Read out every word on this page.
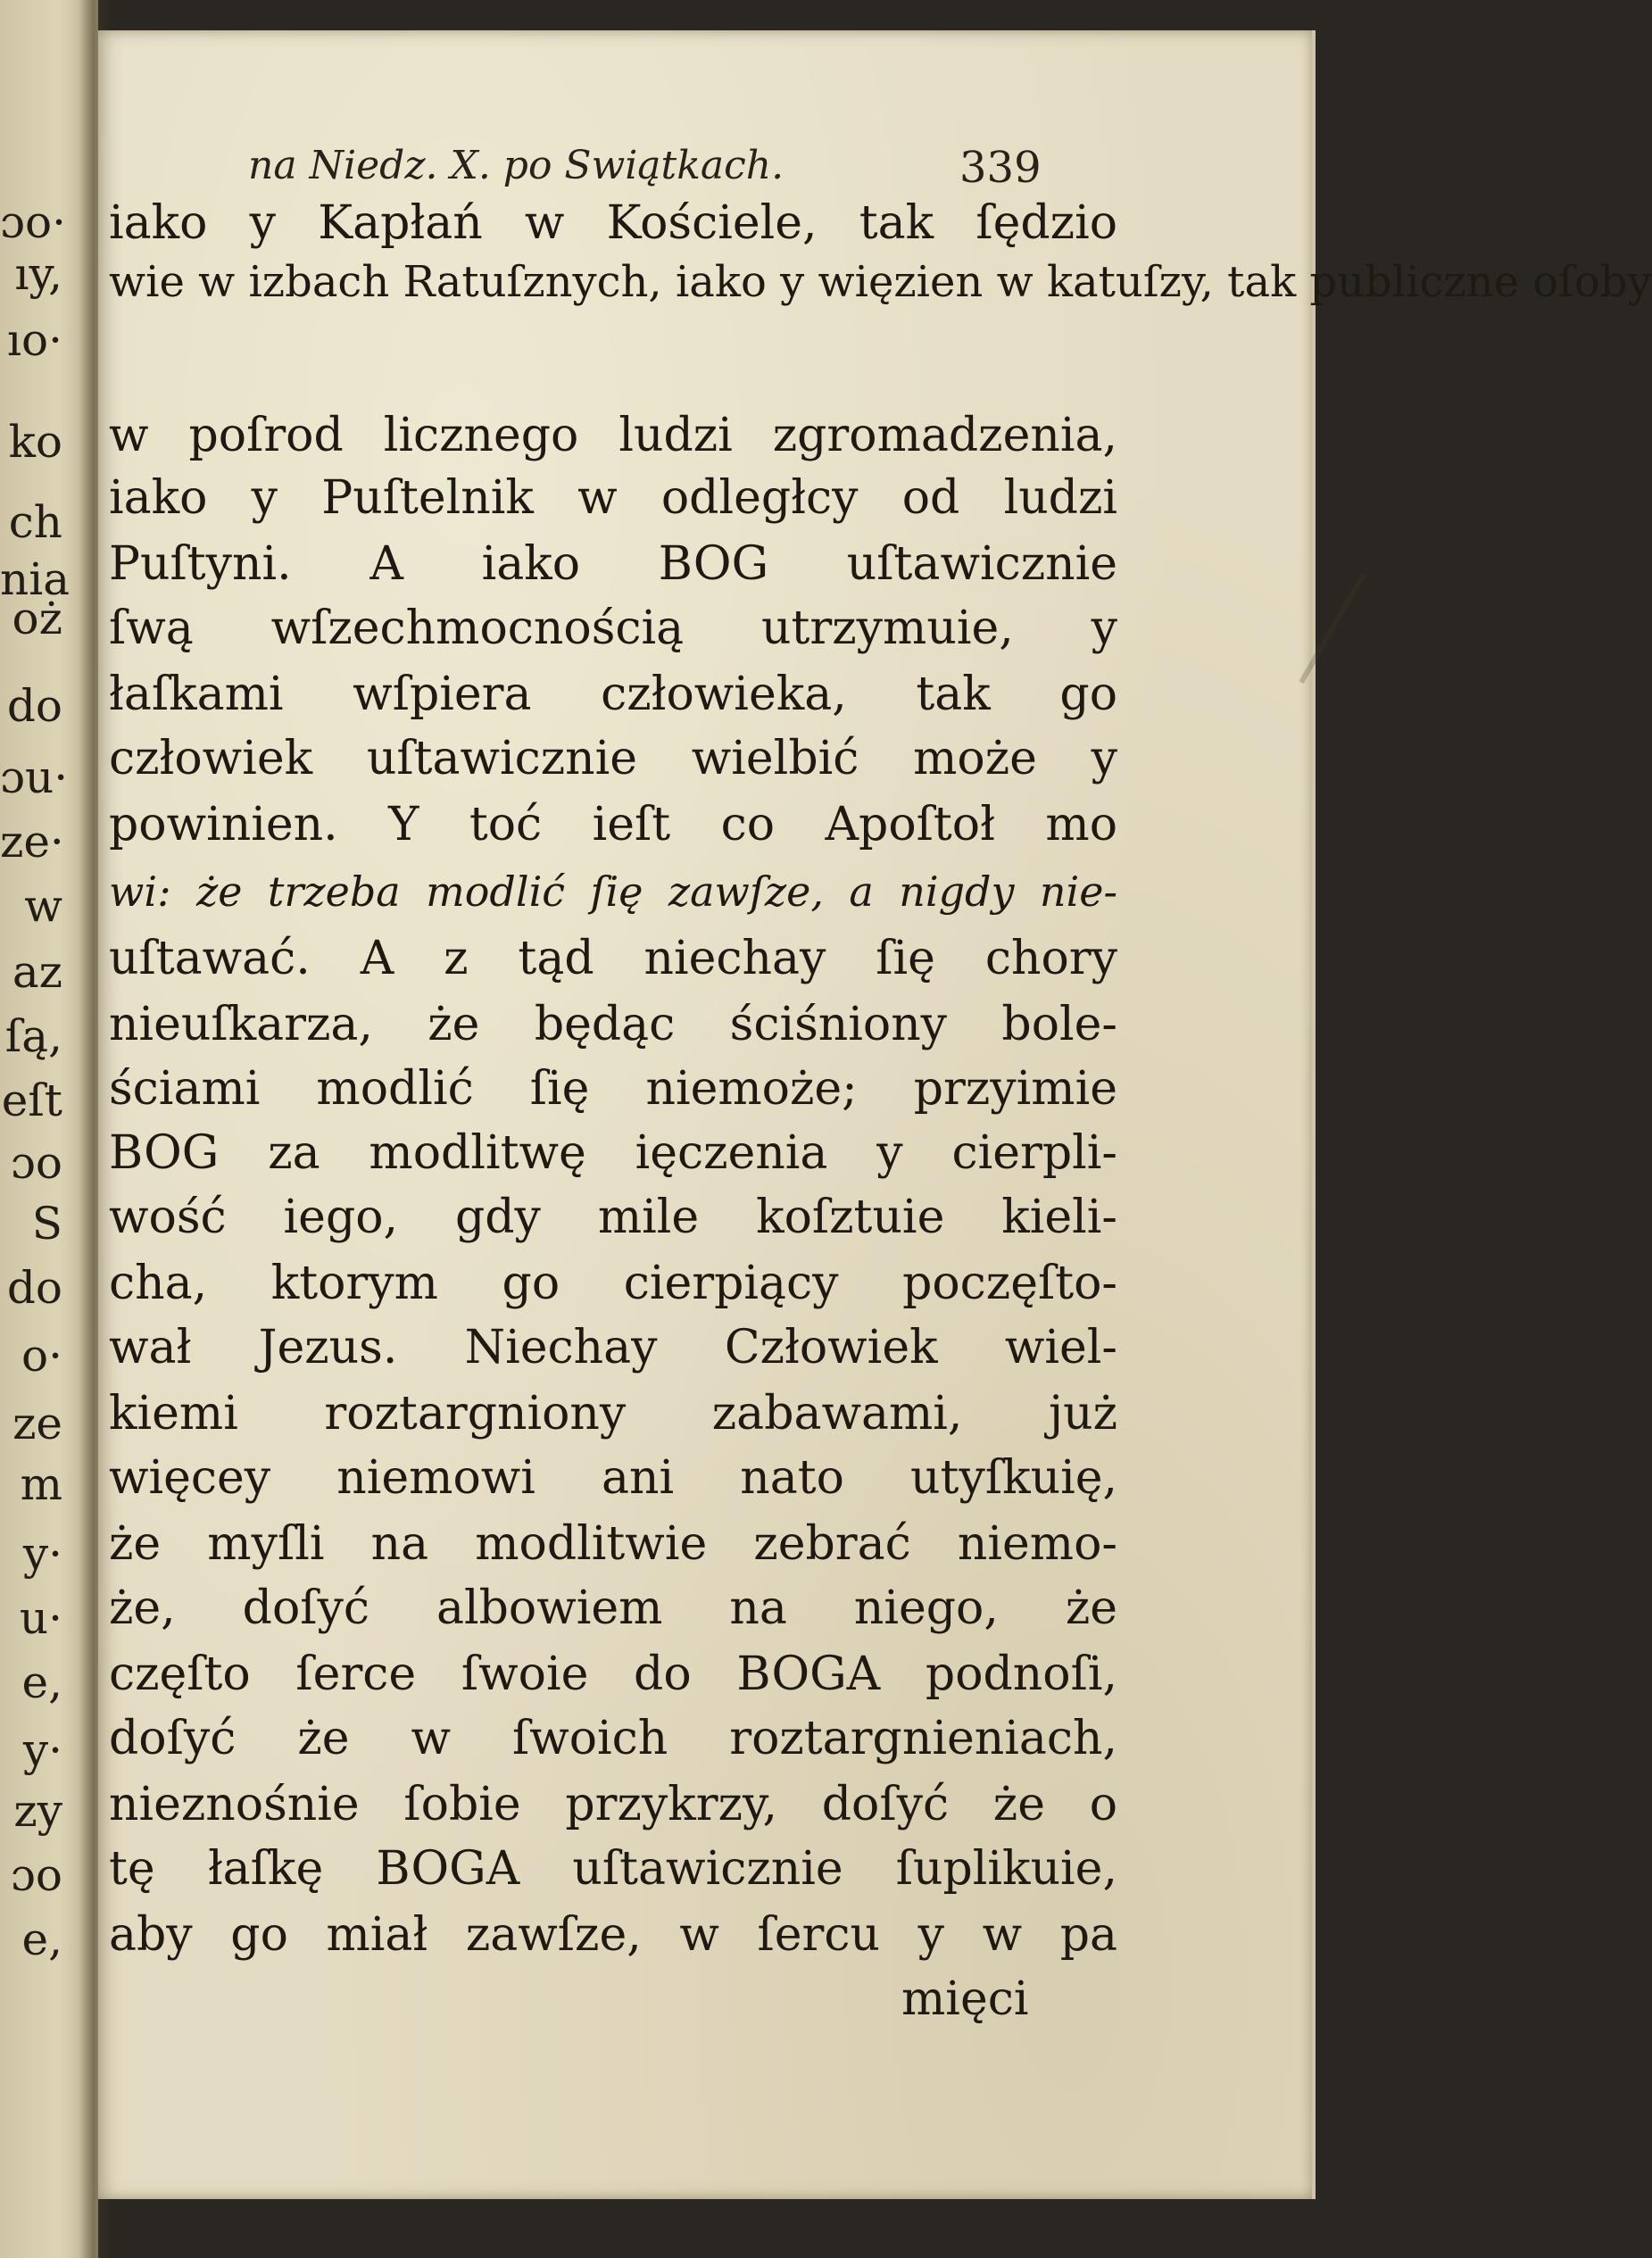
ɔo·
ıy,
ıo·
ko
ch
nia
oż
do
ɔu·
ze·
w
az
ſą,
eſt
ɔo
S
do
o·
ze
m
y·
u·
e,
y·
zy
ɔo
e,
na Niedz. X. po Swiątkach.	339
iako y Kapłań w Kościele, tak ſędzio
wie w izbach Ratuſznych, iako y więzien w katuſzy, tak publiczne oſoby
w poſrod licznego ludzi zgromadzenia,
iako y Puſtelnik w odległcy od ludzi
Puſtyni. A iako BOG uſtawicznie
ſwą wſzechmocnością utrzymuie, y
łaſkami wſpiera człowieka, tak go
człowiek uſtawicznie wielbić może y
powinien. Y toć ieſt co Apoſtoł mo
wi: że trzeba modlić ſię zawſze, a nigdy nie-
uſtawać. A z tąd niechay ſię chory
nieuſkarza, że będąc ściśniony bole-
ściami modlić ſię niemoże; przyimie
BOG za modlitwę ięczenia y cierpli-
wość iego, gdy mile koſztuie kieli-
cha, ktorym go cierpiący poczęſto-
wał Jezus. Niechay Człowiek wiel-
kiemi roztargniony zabawami, już
więcey niemowi ani nato utyſkuię,
że myſli na modlitwie zebrać niemo-
że, doſyć albowiem na niego, że
częſto ſerce ſwoie do BOGA podnoſi,
doſyć że w ſwoich roztargnieniach,
nieznośnie ſobie przykrzy, doſyć że o
tę łaſkę BOGA uſtawicznie ſuplikuie,
aby go miał zawſze, w ſercu y w pa
mięci
